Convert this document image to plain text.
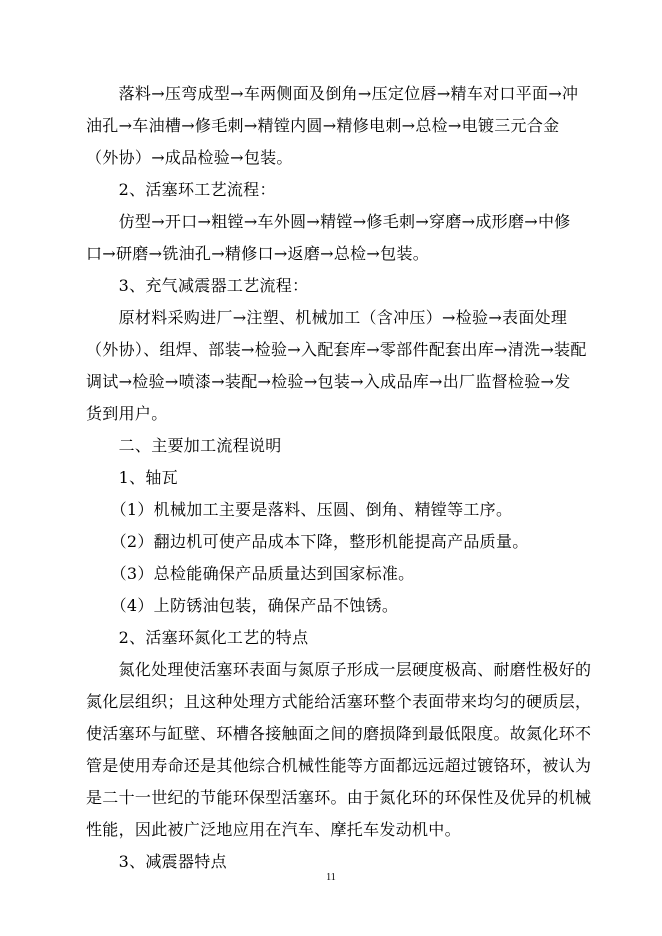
　　落料→压弯成型→车两侧面及倒角→压定位唇→精车对口平面→冲

油孔→车油槽→修毛刺→精镗内圆→精修电刺→总检→电镀三元合金

（外协）→成品检验→包装。

　　2、活塞环工艺流程：

　　仿型→开口→粗镗→车外圆→精镗→修毛刺→穿磨→成形磨→中修

口→研磨→铣油孔→精修口→返磨→总检→包装。

　　3、充气减震器工艺流程：

　　原材料采购进厂→注塑、机械加工（含冲压）→检验→表面处理

（外协）、组焊、部装→检验→入配套库→零部件配套出库→清洗→装配

调试→检验→喷漆→装配→检验→包装→入成品库→出厂监督检验→发

货到用户。

　　二、主要加工流程说明

　　1、轴瓦

　　（1）机械加工主要是落料、压圆、倒角、精镗等工序。

　　（2）翻边机可使产品成本下降，整形机能提高产品质量。

　　（3）总检能确保产品质量达到国家标准。

　　（4）上防锈油包装，确保产品不蚀锈。

　　2、活塞环氮化工艺的特点

　　氮化处理使活塞环表面与氮原子形成一层硬度极高、耐磨性极好的

氮化层组织；且这种处理方式能给活塞环整个表面带来均匀的硬质层，

使活塞环与缸壁、环槽各接触面之间的磨损降到最低限度。故氮化环不

管是使用寿命还是其他综合机械性能等方面都远远超过镀铬环，被认为

是二十一世纪的节能环保型活塞环。由于氮化环的环保性及优异的机械

性能，因此被广泛地应用在汽车、摩托车发动机中。

　　3、减震器特点

11
